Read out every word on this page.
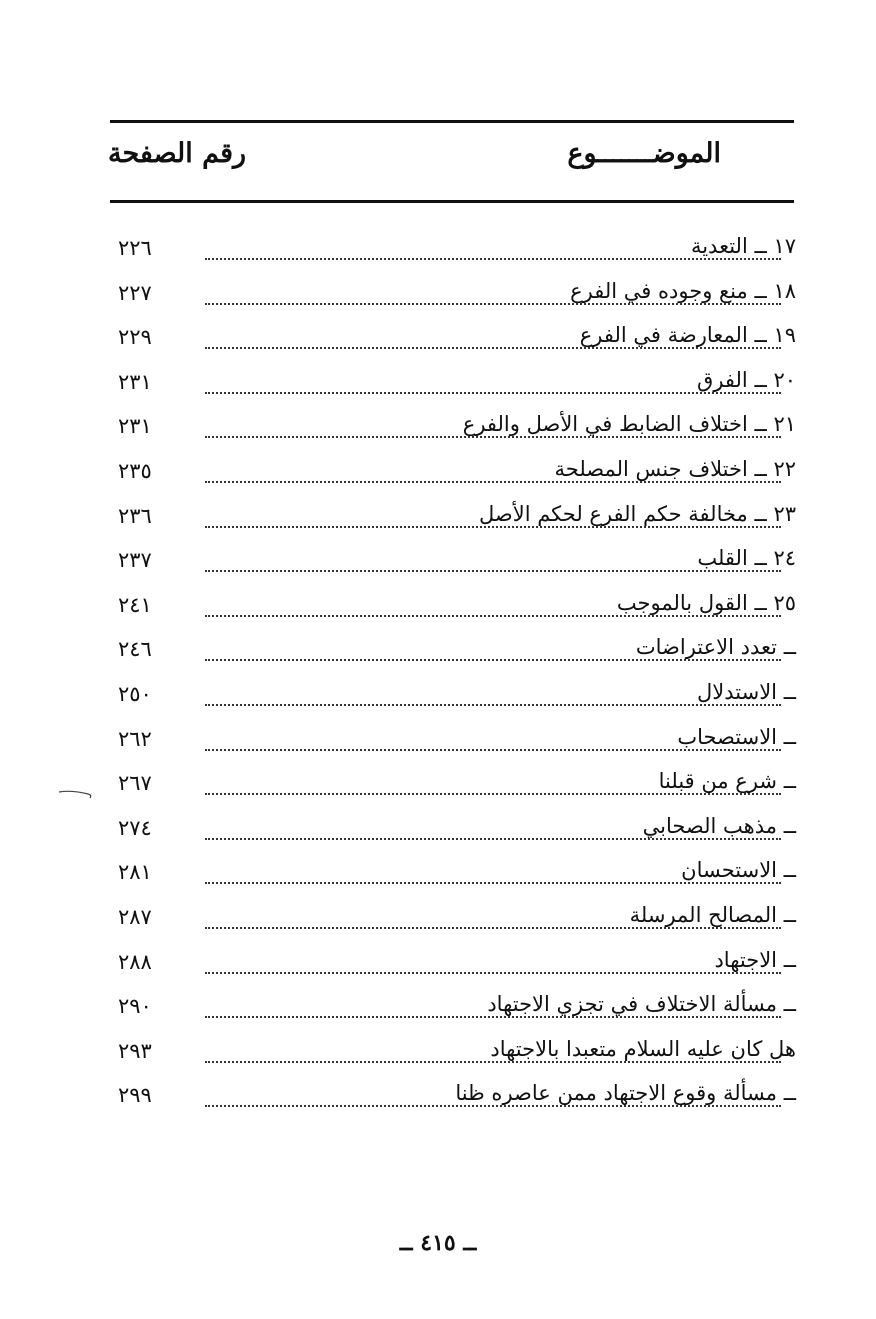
الموضـــــــوع
رقم الصفحة
١٧ ــ التعدية
٢٢٦
١٨ ــ منع وجوده في الفرع
٢٢٧
١٩ ــ المعارضة في الفرع
٢٢٩
٢٠ ــ الفرق
٢٣١
٢١ ــ اختلاف الضابط في الأصل والفرع
٢٣١
٢٢ ــ اختلاف جنس المصلحة
٢٣٥
٢٣ ــ مخالفة حكم الفرع لحكم الأصل
٢٣٦
٢٤ ــ القلب
٢٣٧
٢٥ ــ القول بالموجب
٢٤١
ــ تعدد الاعتراضات
٢٤٦
ــ الاستدلال
٢٥٠
ــ الاستصحاب
٢٦٢
ــ شرع من قبلنا
٢٦٧
ــ مذهب الصحابي
٢٧٤
ــ الاستحسان
٢٨١
ــ المصالح المرسلة
٢٨٧
ــ الاجتهاد
٢٨٨
ــ مسألة الاختلاف في تجزي الاجتهاد
٢٩٠
هل كان عليه السلام متعبدا بالاجتهاد
٢٩٣
ــ مسألة وقوع الاجتهاد ممن عاصره ظنا
٢٩٩
ــ ٤١٥ ــ
